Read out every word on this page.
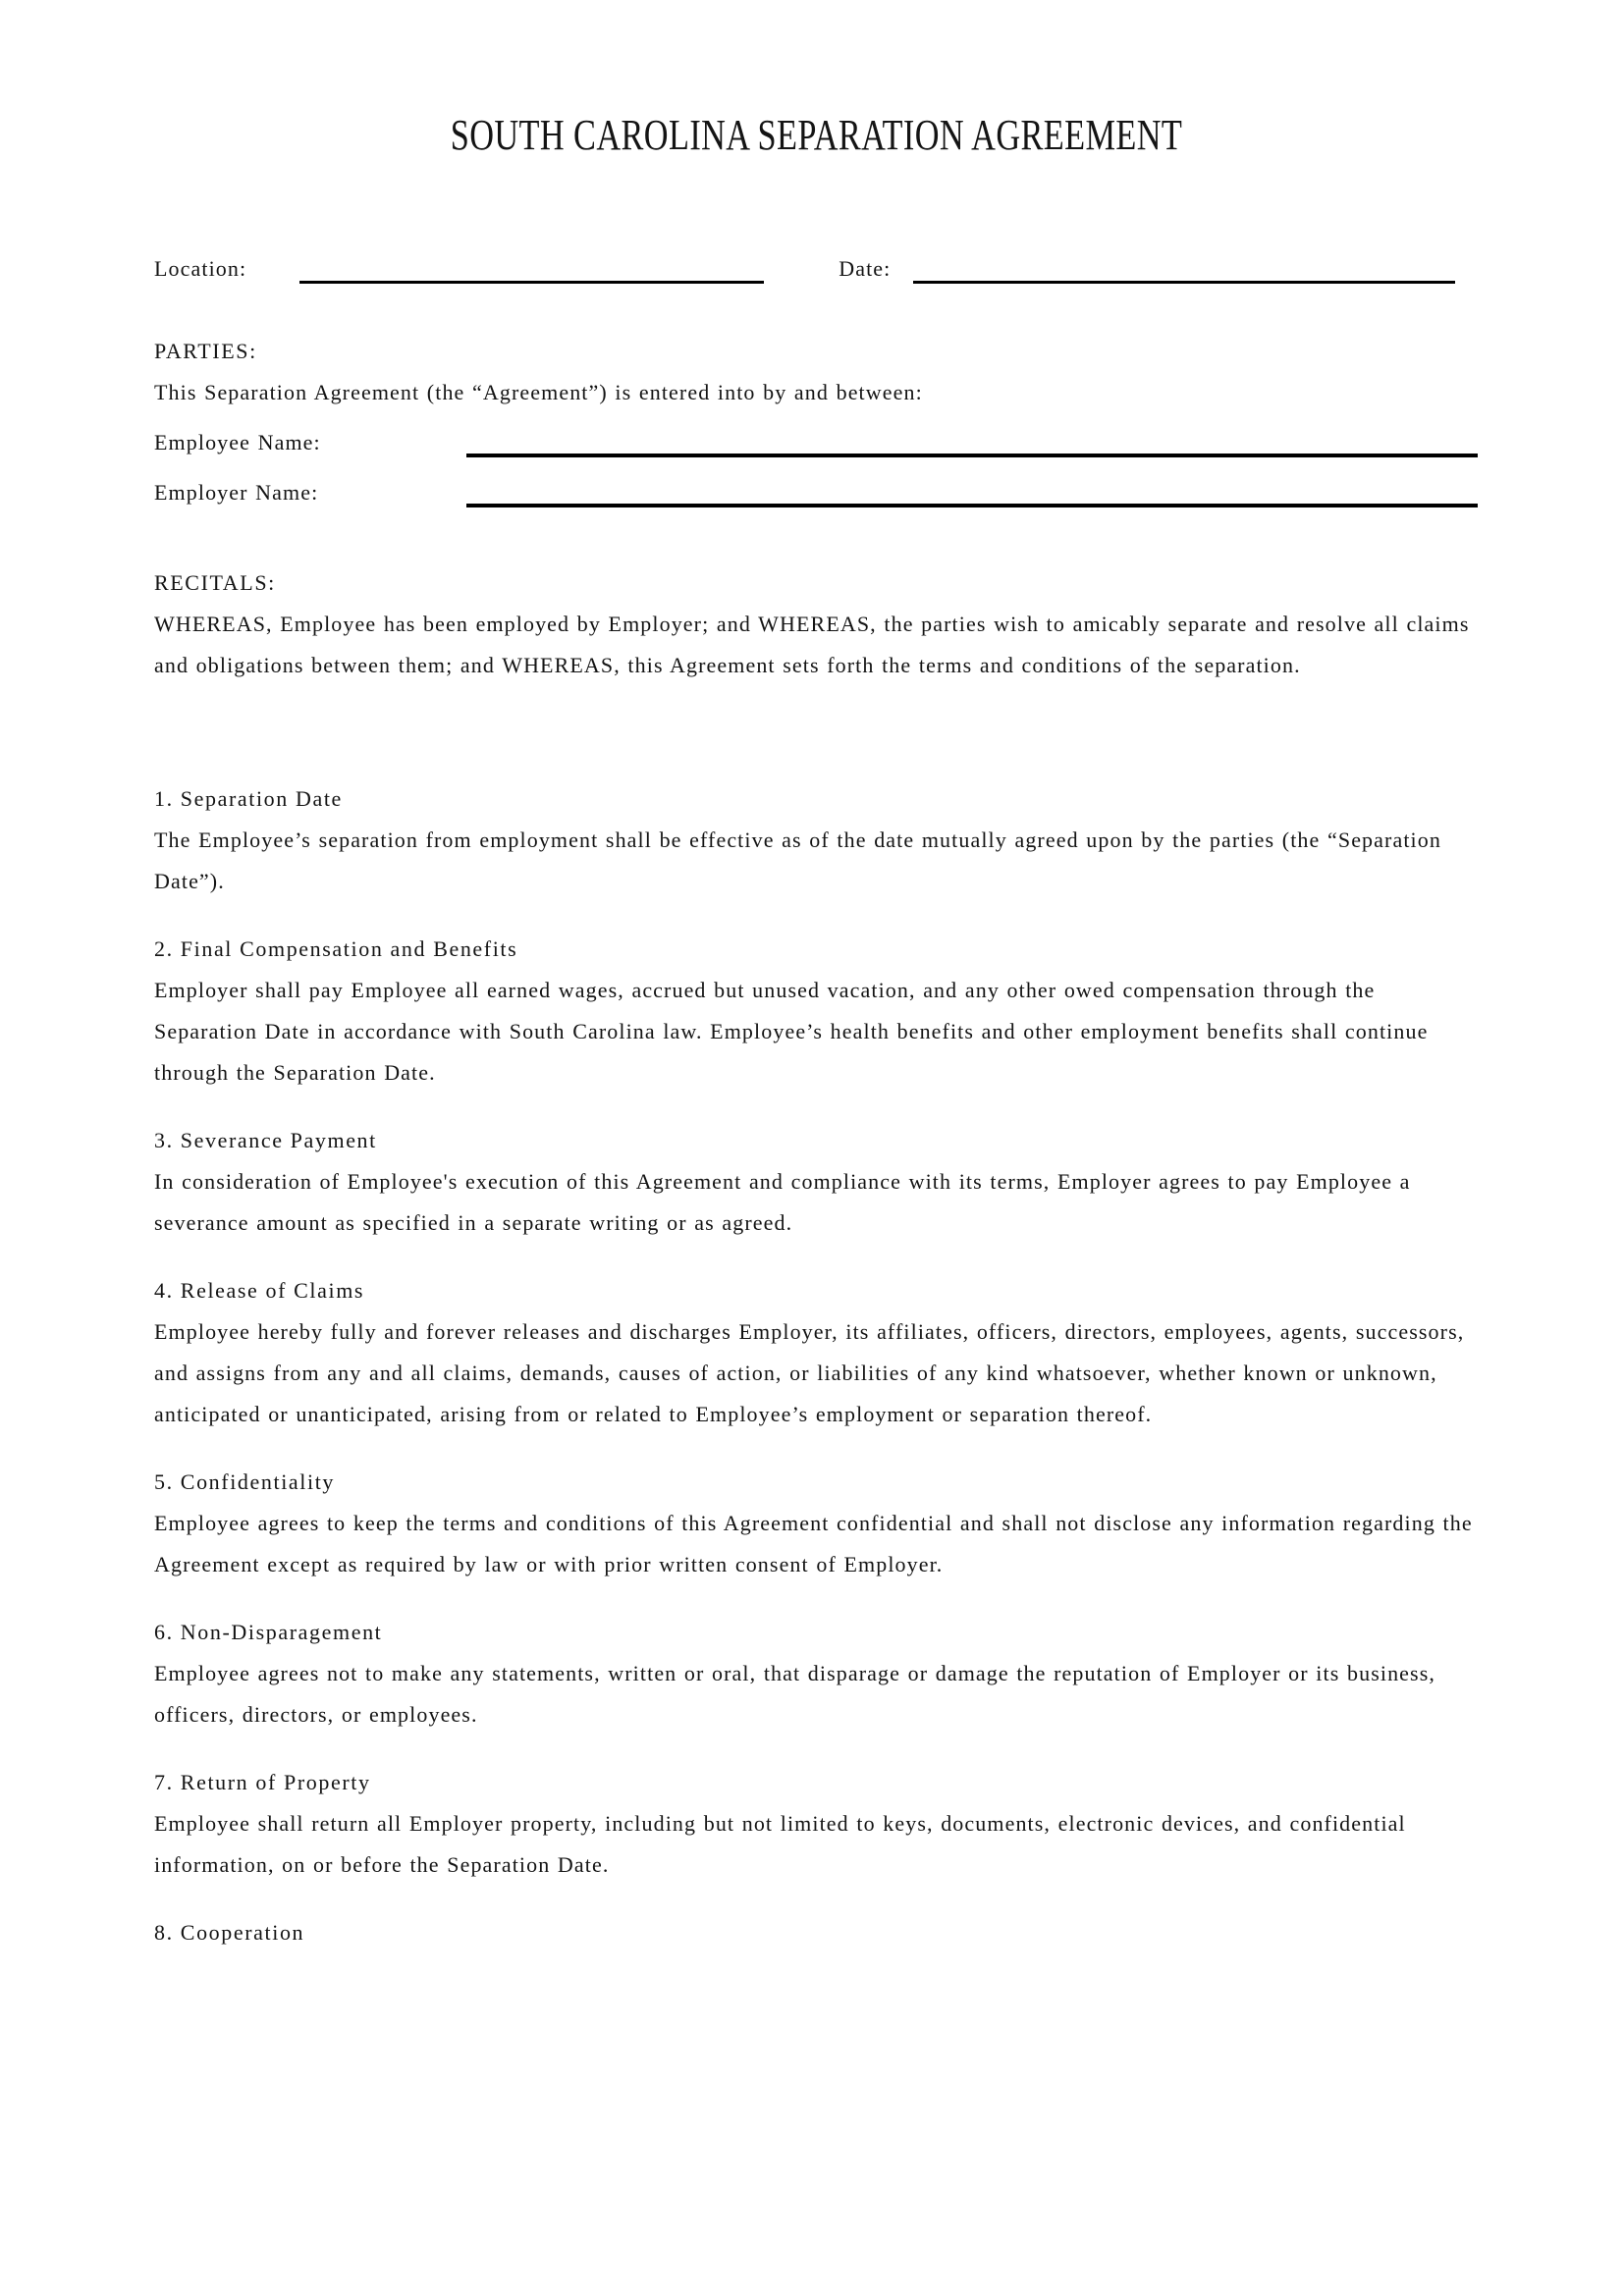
SOUTH CAROLINA SEPARATION AGREEMENT
Location:	Date:
PARTIES:

This Separation Agreement (the “Agreement”) is entered into by and between:

Employee Name:
Employer Name:
RECITALS:

WHEREAS, Employee has been employed by Employer; and WHEREAS, the parties wish to amicably separate and resolve all claims and obligations between them; and WHEREAS, this Agreement sets forth the terms and conditions of the separation.

1. Separation Date

The Employee’s separation from employment shall be effective as of the date mutually agreed upon by the parties (the “Separation Date”).

2. Final Compensation and Benefits

Employer shall pay Employee all earned wages, accrued but unused vacation, and any other owed compensation through the Separation Date in accordance with South Carolina law. Employee’s health benefits and other employment benefits shall continue through the Separation Date.

3. Severance Payment

In consideration of Employee's execution of this Agreement and compliance with its terms, Employer agrees to pay Employee a severance amount as specified in a separate writing or as agreed.

4. Release of Claims

Employee hereby fully and forever releases and discharges Employer, its affiliates, officers, directors, employees, agents, successors, and assigns from any and all claims, demands, causes of action, or liabilities of any kind whatsoever, whether known or unknown, anticipated or unanticipated, arising from or related to Employee’s employment or separation thereof.

5. Confidentiality

Employee agrees to keep the terms and conditions of this Agreement confidential and shall not disclose any information regarding the Agreement except as required by law or with prior written consent of Employer.

6. Non-Disparagement

Employee agrees not to make any statements, written or oral, that disparage or damage the reputation of Employer or its business, officers, directors, or employees.

7. Return of Property

Employee shall return all Employer property, including but not limited to keys, documents, electronic devices, and confidential information, on or before the Separation Date.

8. Cooperation
